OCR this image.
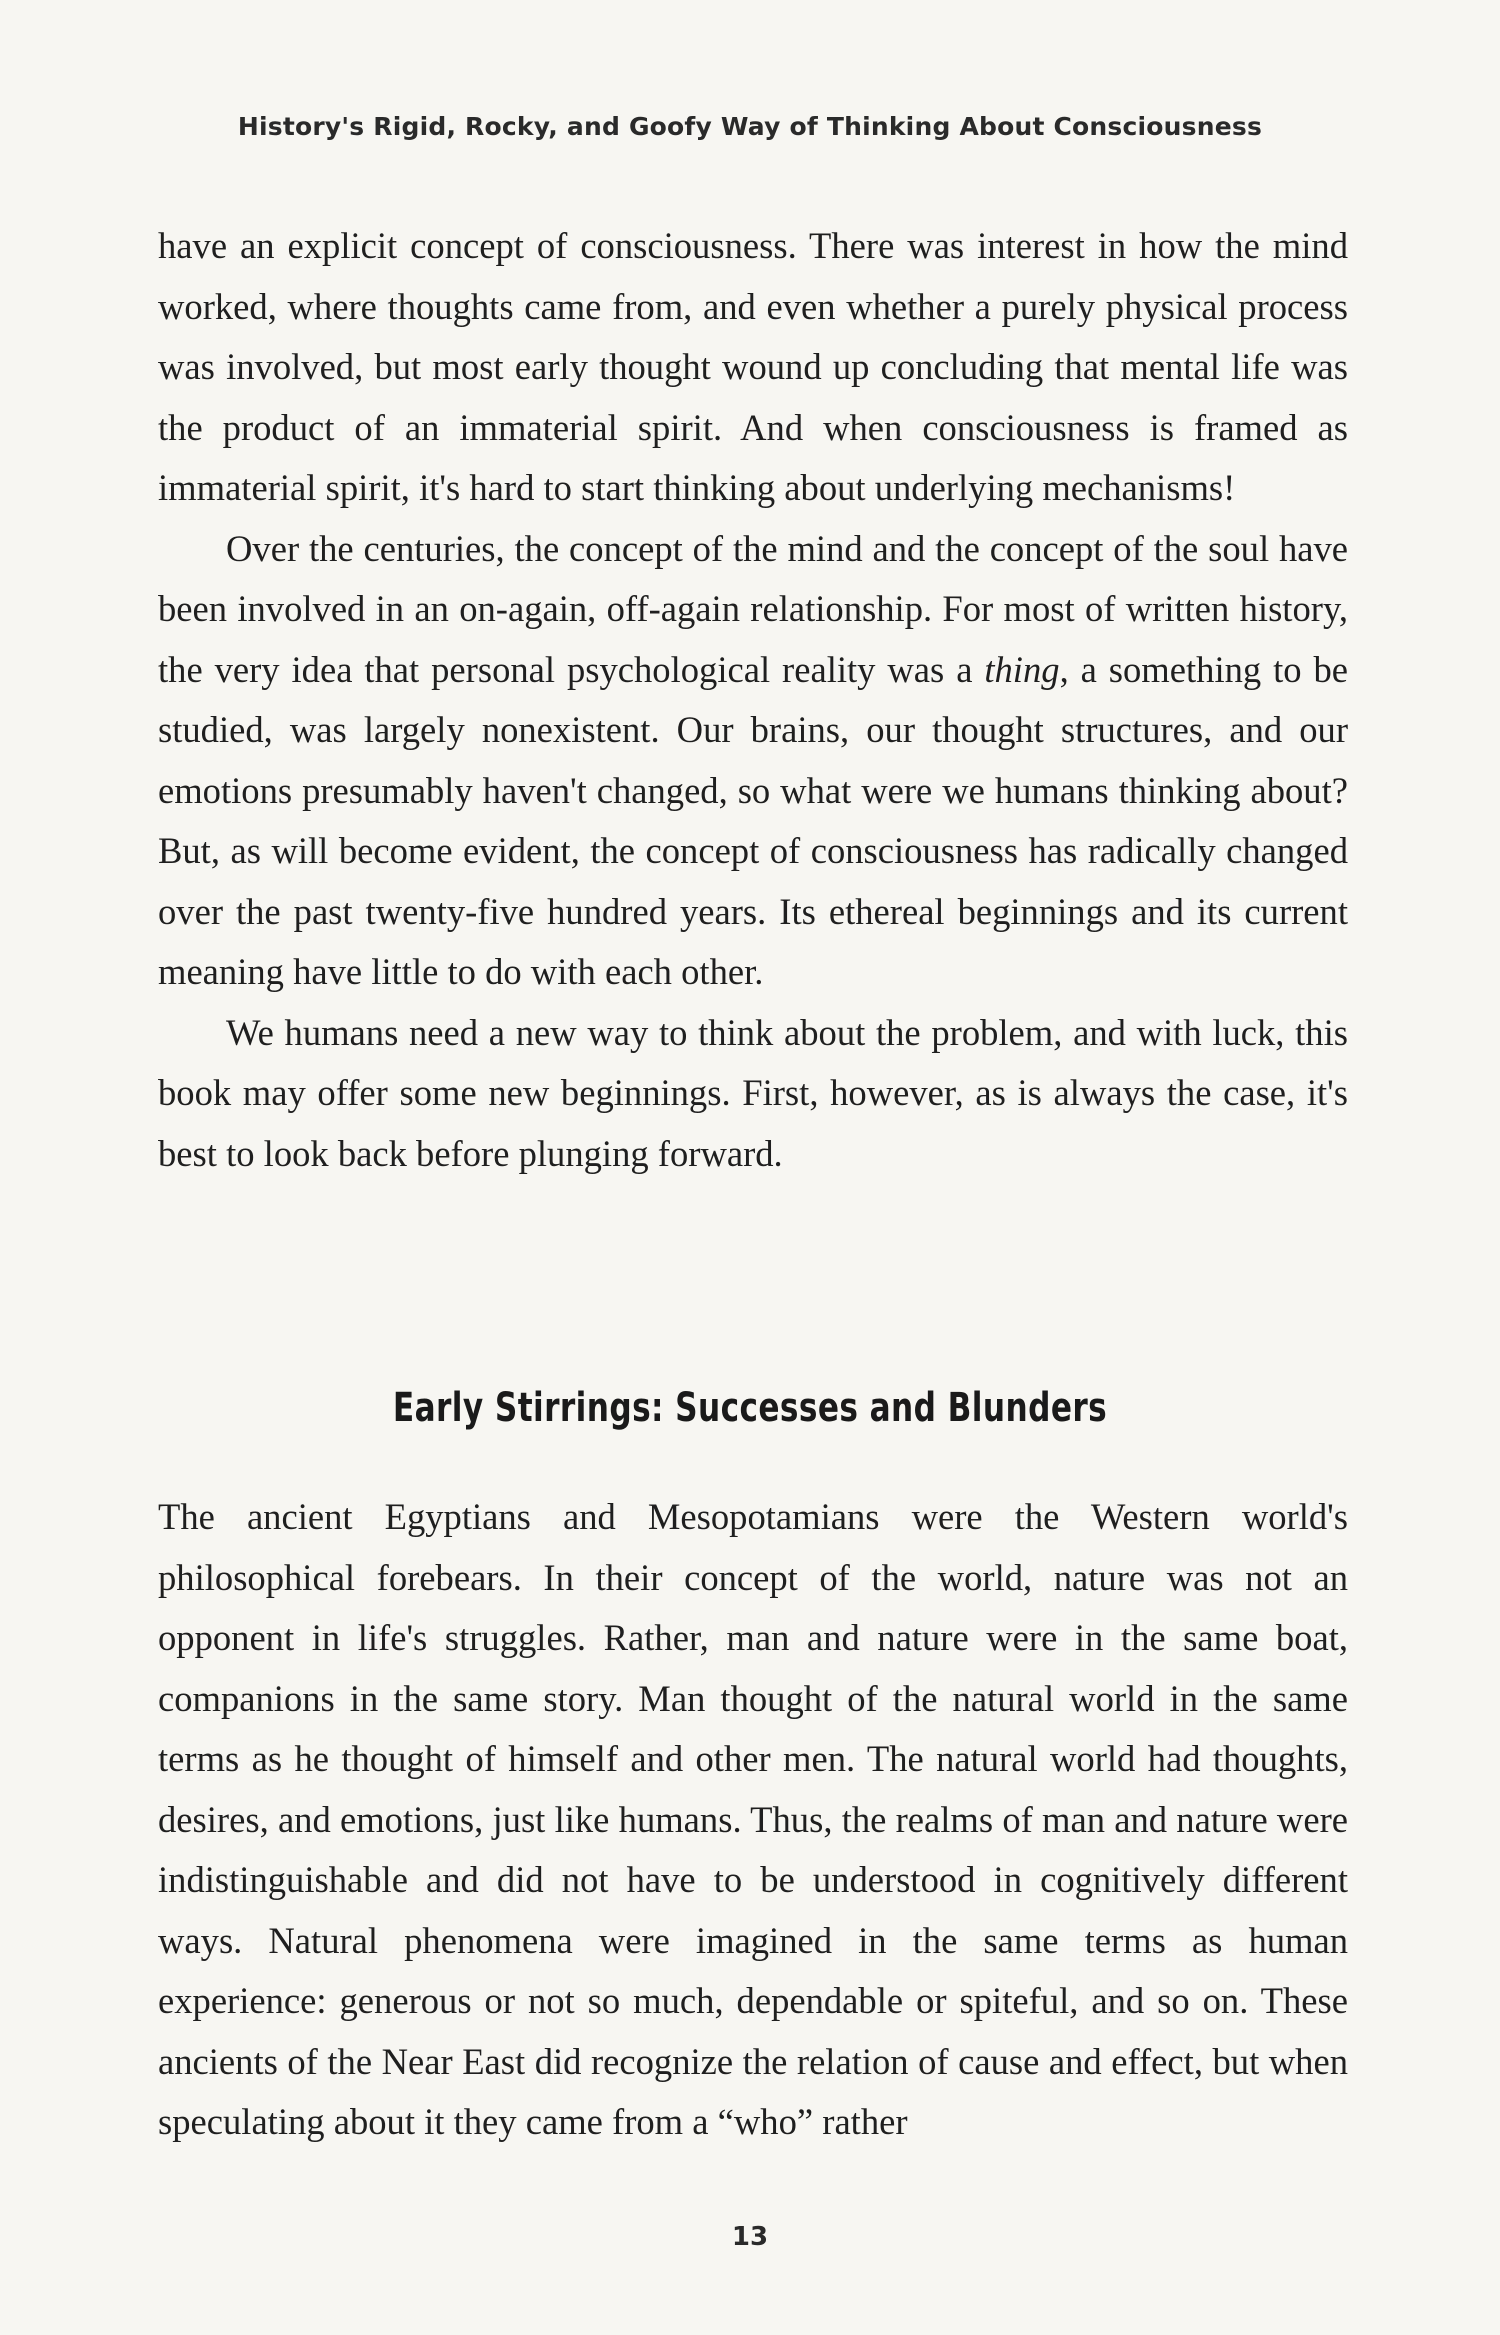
History's Rigid, Rocky, and Goofy Way of Thinking About Consciousness

have an explicit concept of consciousness. There was interest in how the mind worked, where thoughts came from, and even whether a purely physical process was involved, but most early thought wound up concluding that mental life was the product of an immaterial spirit. And when consciousness is framed as immaterial spirit, it's hard to start thinking about underlying mechanisms!

Over the centuries, the concept of the mind and the concept of the soul have been involved in an on-again, off-again relationship. For most of written history, the very idea that personal psychological reality was a thing, a something to be studied, was largely nonexistent. Our brains, our thought structures, and our emotions presumably haven't changed, so what were we humans thinking about? But, as will become evident, the concept of consciousness has radically changed over the past twenty-five hundred years. Its ethereal beginnings and its current meaning have little to do with each other.

We humans need a new way to think about the problem, and with luck, this book may offer some new beginnings. First, however, as is always the case, it's best to look back before plunging forward.

Early Stirrings: Successes and Blunders

The ancient Egyptians and Mesopotamians were the Western world's philosophical forebears. In their concept of the world, nature was not an opponent in life's struggles. Rather, man and nature were in the same boat, companions in the same story. Man thought of the natural world in the same terms as he thought of himself and other men. The natural world had thoughts, desires, and emotions, just like humans. Thus, the realms of man and nature were indistinguishable and did not have to be understood in cognitively different ways. Natural phenomena were imagined in the same terms as human experience: generous or not so much, dependable or spiteful, and so on. These ancients of the Near East did recognize the relation of cause and effect, but when speculating about it they came from a “who” rather

13
